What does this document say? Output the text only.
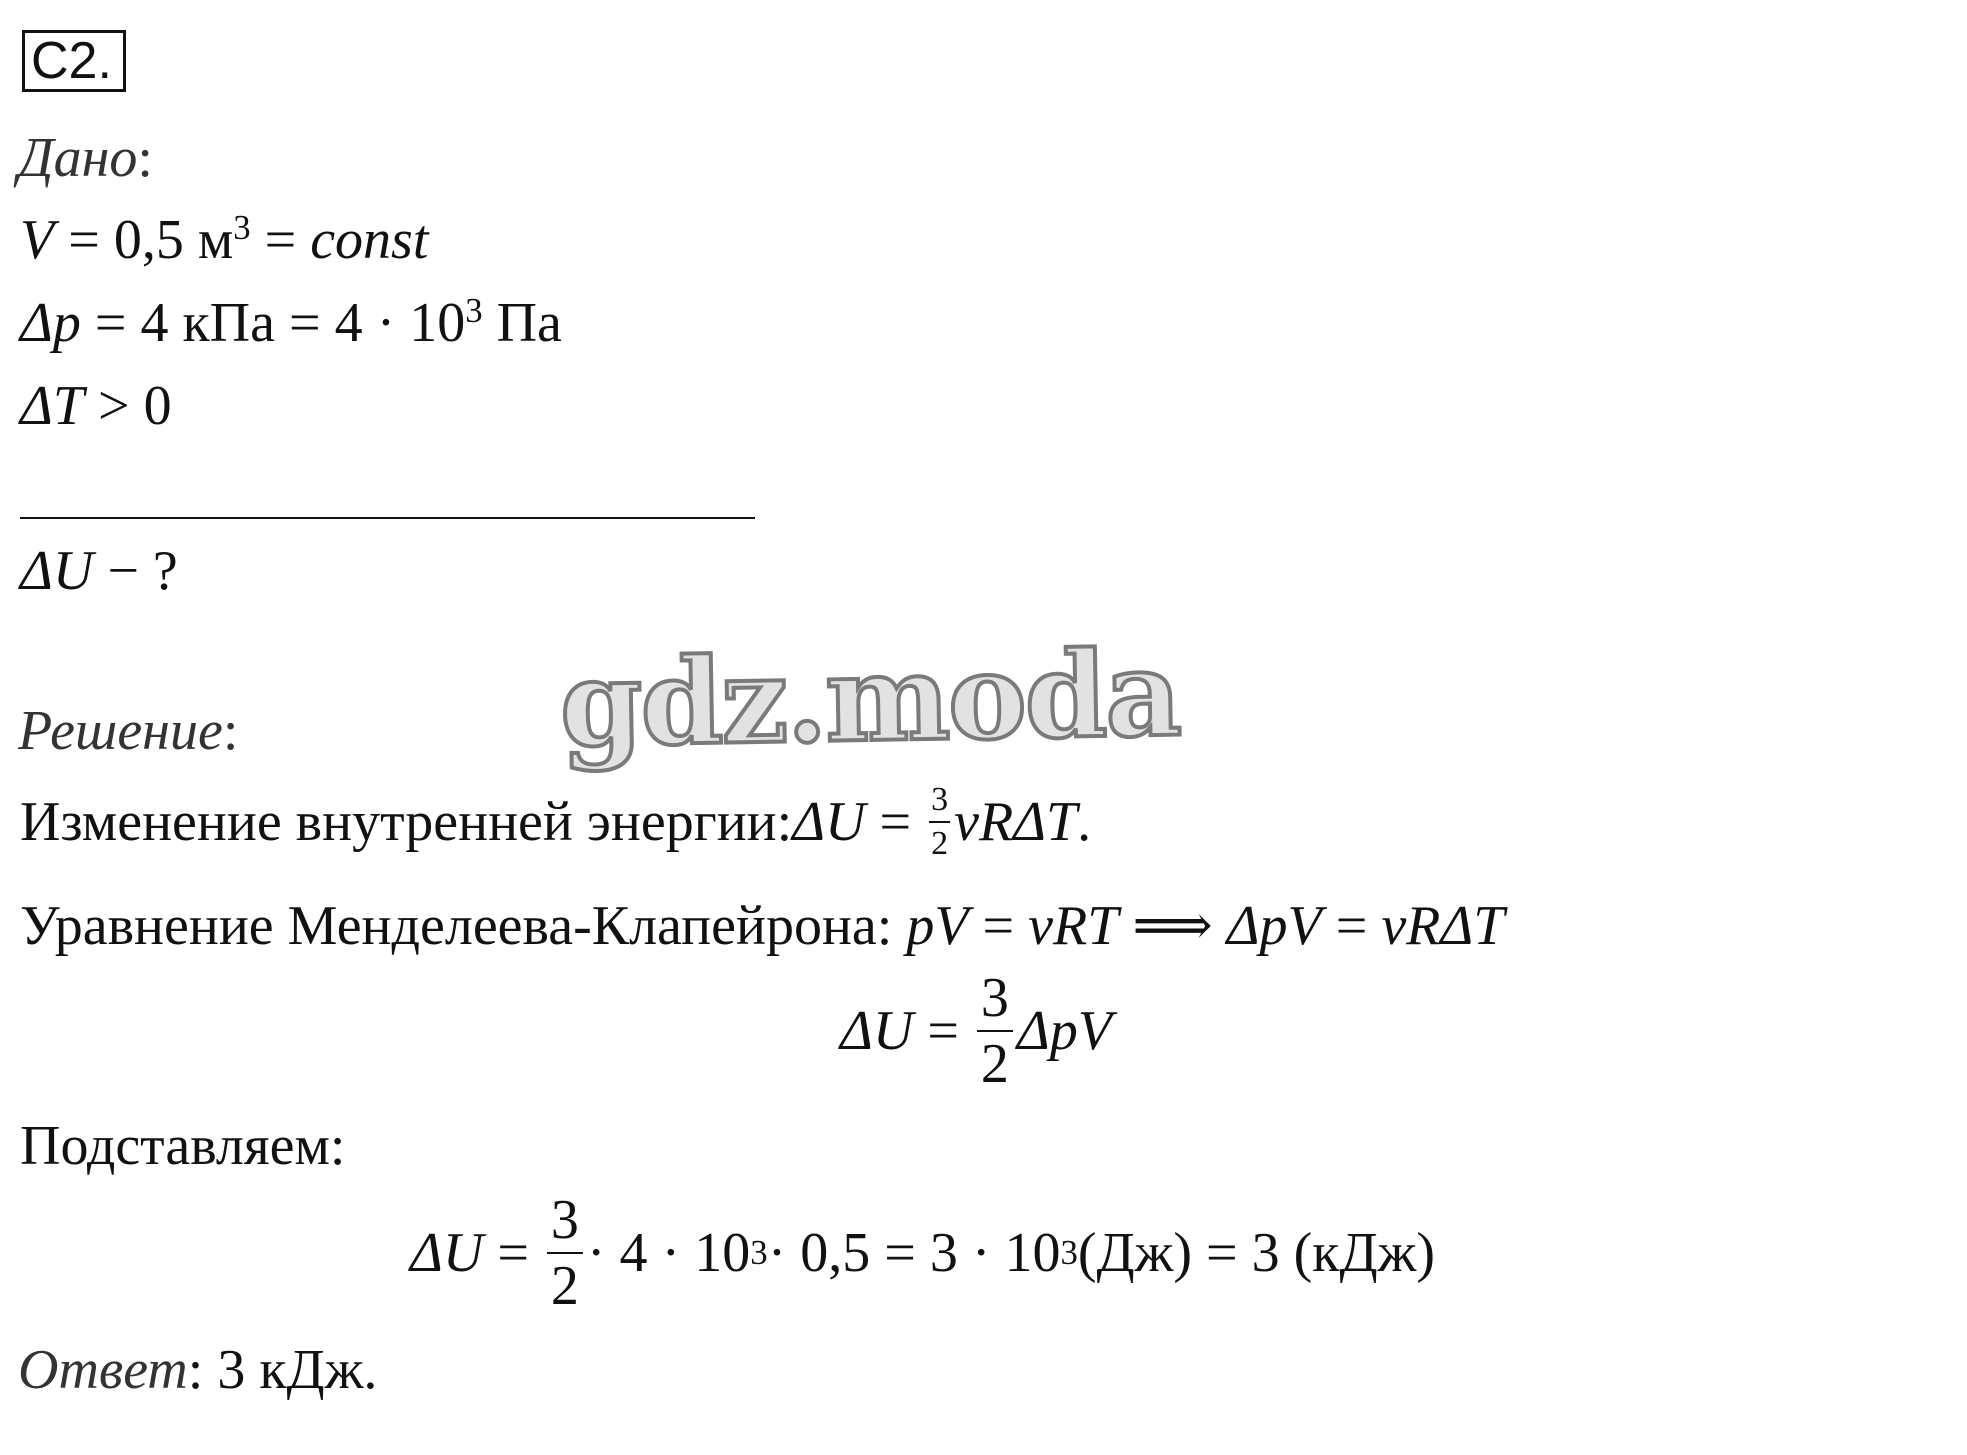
C2.
Дано:
V = 0,5 $м^3$ = const
Δp = 4 кПа = $4 \cdot 10^3$ Па
ΔT > 0
ΔU − ?
gdz.moda
Решение:
Изменение внутренней энергии: $\Delta U = \frac{3}{2}$ νRΔT .
Уравнение Менделеева-Клапейрона: pV = νRT ⟹ ΔpV = νRΔT
$\Delta U = \frac{3}{2}$ ΔpV
Подставляем:
$\Delta U = \frac{3}{2} \cdot 4 \cdot 10$ 3 · 0,5 = 3 · 10 3 (Дж) = 3 (кДж)
Ответ: 3 кДж.
